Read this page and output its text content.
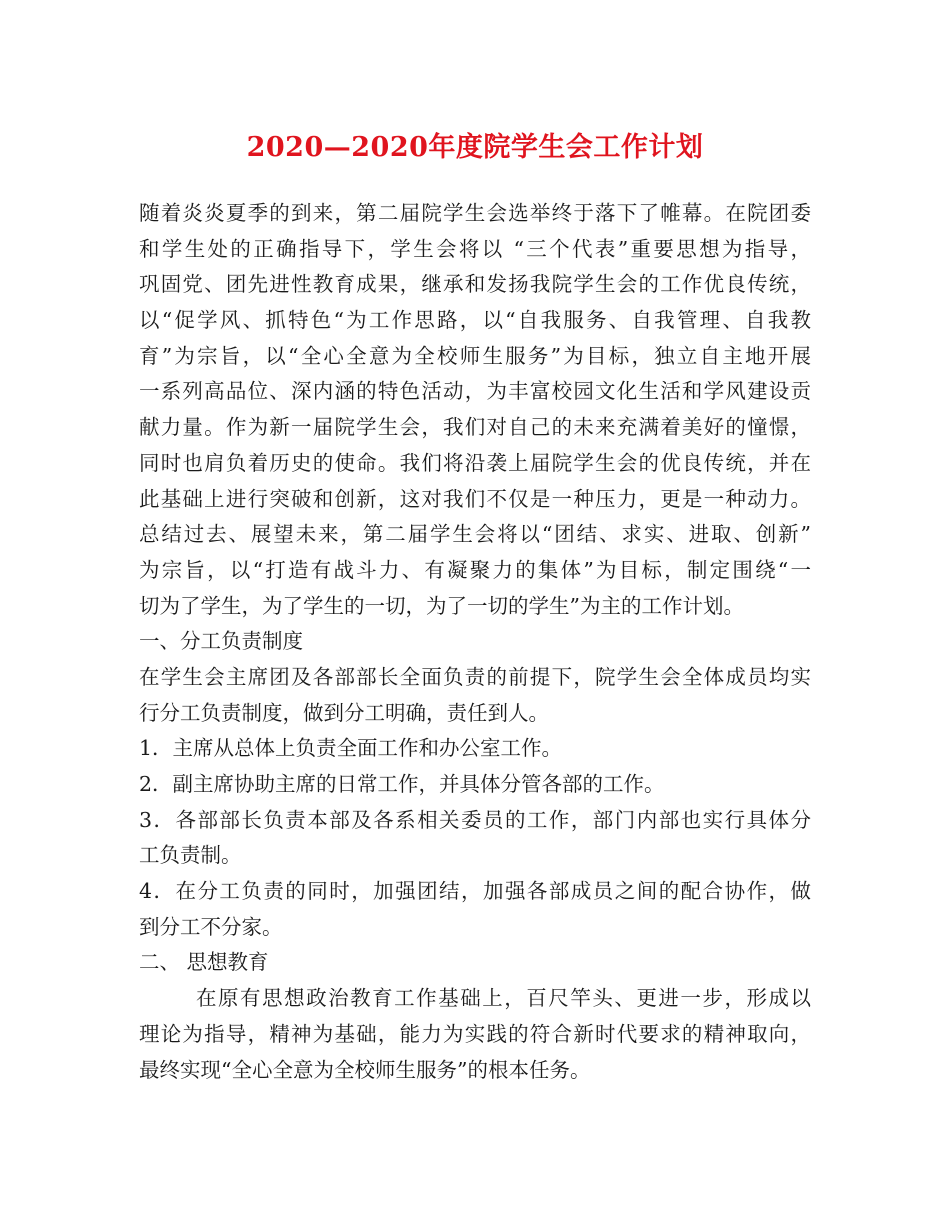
2020—2020年度院学生会工作计划
随着炎炎夏季的到来，第二届院学生会选举终于落下了帷幕。在院团委
和学生处的正确指导下，学生会将以 “三个代表”重要思想为指导，
巩固党、团先进性教育成果，继承和发扬我院学生会的工作优良传统，
以“促学风、抓特色“为工作思路，以“自我服务、自我管理、自我教
育”为宗旨，以“全心全意为全校师生服务”为目标，独立自主地开展
一系列高品位、深内涵的特色活动，为丰富校园文化生活和学风建设贡
献力量。作为新一届院学生会，我们对自己的未来充满着美好的憧憬，
同时也肩负着历史的使命。我们将沿袭上届院学生会的优良传统，并在
此基础上进行突破和创新，这对我们不仅是一种压力，更是一种动力。
总结过去、展望未来，第二届学生会将以“团结、求实、进取、创新”
为宗旨，以“打造有战斗力、有凝聚力的集体”为目标，制定围绕“一
切为了学生，为了学生的一切，为了一切的学生”为主的工作计划。
一、分工负责制度
在学生会主席团及各部部长全面负责的前提下，院学生会全体成员均实
行分工负责制度，做到分工明确，责任到人。
1．主席从总体上负责全面工作和办公室工作。
2．副主席协助主席的日常工作，并具体分管各部的工作。
3．各部部长负责本部及各系相关委员的工作，部门内部也实行具体分
工负责制。
4．在分工负责的同时，加强团结，加强各部成员之间的配合协作，做
到分工不分家。
二、 思想教育
在原有思想政治教育工作基础上，百尺竿头、更进一步，形成以
理论为指导，精神为基础，能力为实践的符合新时代要求的精神取向，
最终实现“全心全意为全校师生服务”的根本任务。
